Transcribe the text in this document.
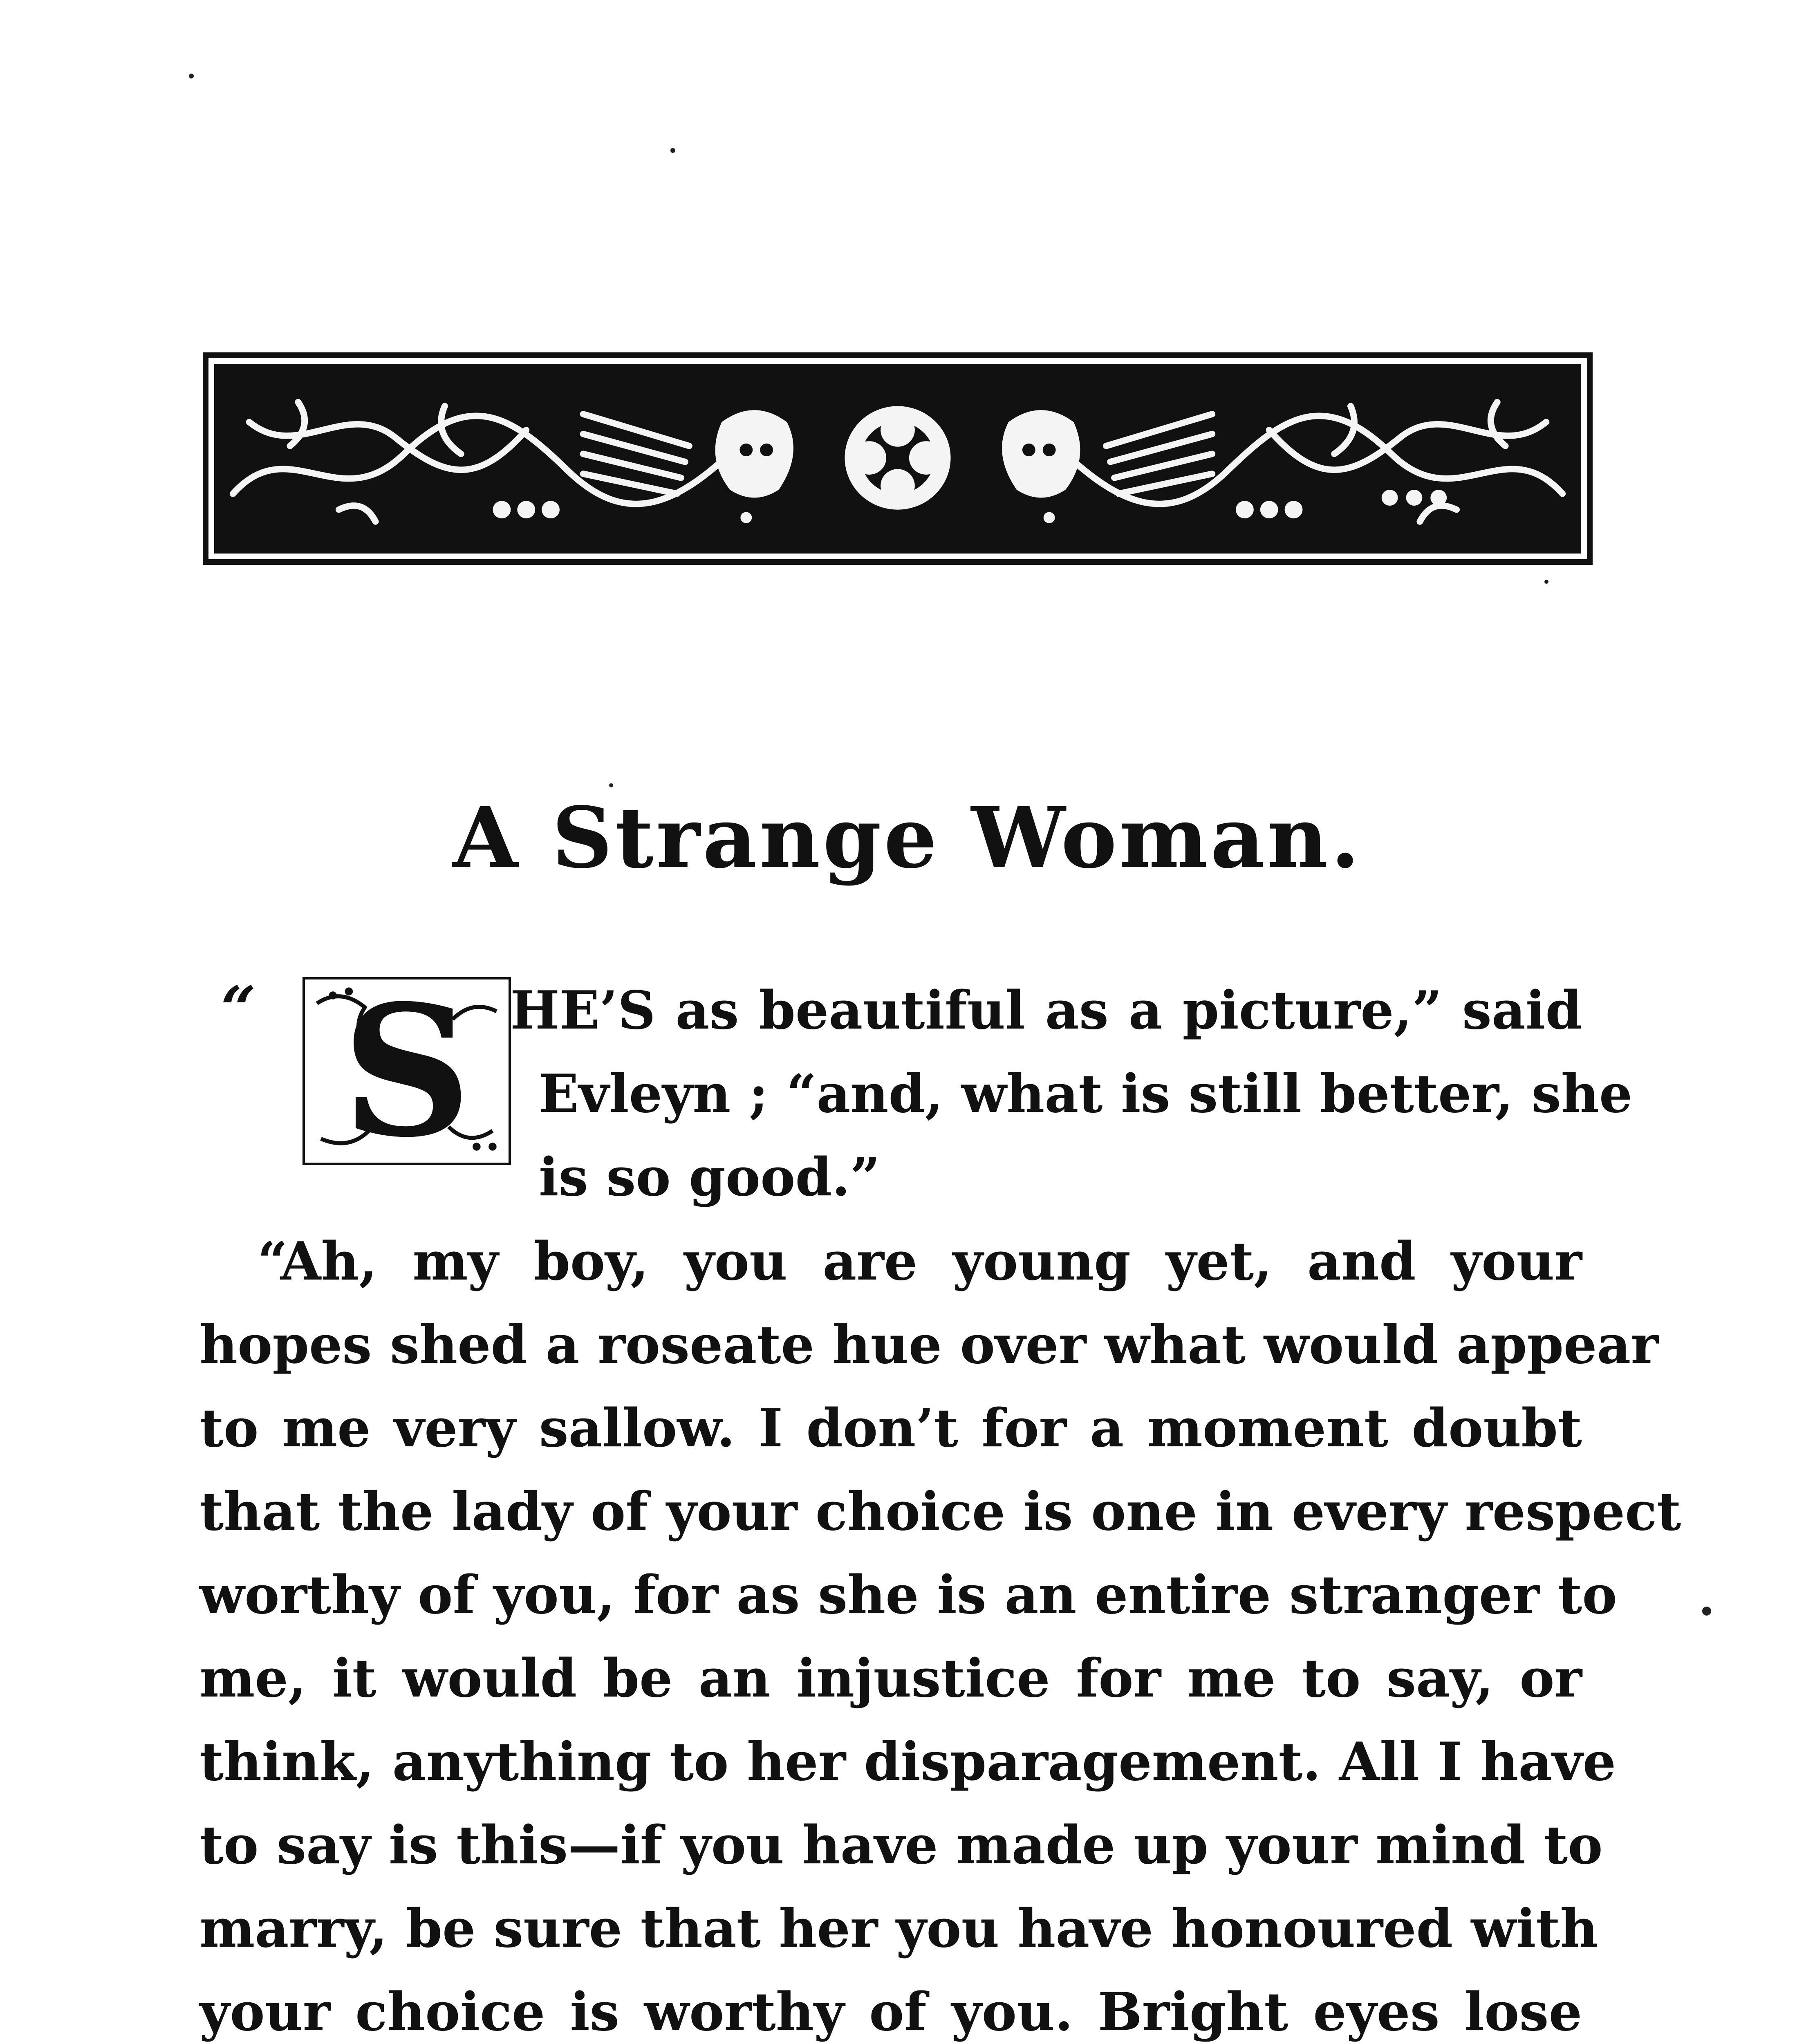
A Strange Woman.
“ S HE’S as beautiful as a picture,” said
Evleyn ; “and, what is still better, she
is so good.”
“Ah, my boy, you are young yet, and your
hopes shed a roseate hue over what would appear
to me very sallow. I don’t for a moment doubt
that the lady of your choice is one in every respect
worthy of you, for as she is an entire stranger to
me, it would be an injustice for me to say, or
think, anything to her disparagement. All I have
to say is this—if you have made up your mind to
marry, be sure that her you have honoured with
your choice is worthy of you. Bright eyes lose
